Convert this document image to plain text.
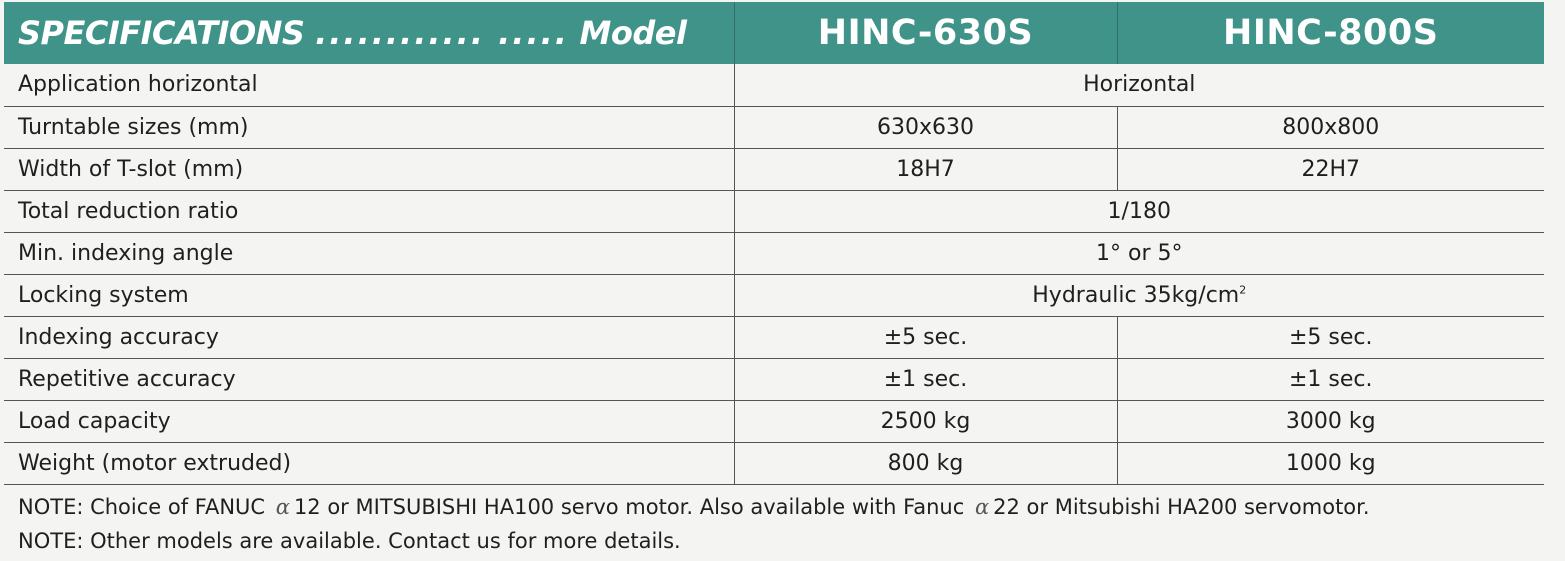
SPECIFICATIONS ............ ..... Model	HINC-630S	HINC-800S
Application horizontal	Horizontal	
Turntable sizes (mm)	630x630	800x800
Width of T-slot (mm)	18H7	22H7
Total reduction ratio	1/180	
Min. indexing angle	1° or 5°	
Locking system	Hydraulic $35kg/cm^2$
Indexing accuracy	±5 sec.	±5 sec.
Repetitive accuracy	±1 sec.	±1 sec.
Load capacity	2500 kg	3000 kg
Weight (motor extruded)	800 kg	1000 kg
NOTE: Choice of FANUC α 12 or MITSUBISHI HA100 servo motor. Also available with Fanuc α 22 or Mitsubishi HA200 servomotor.
NOTE: Other models are available. Contact us for more details.
